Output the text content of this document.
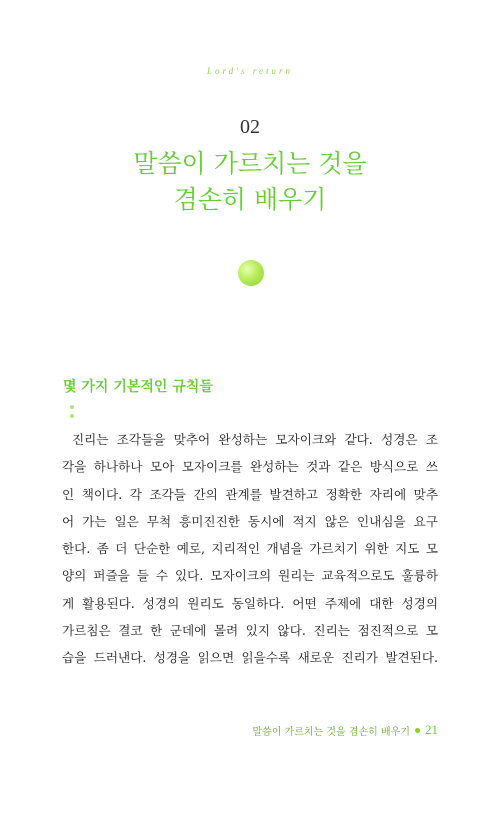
Lord's return
02
말씀이 가르치는 것을
겸손히 배우기
몇 가지 기본적인 규칙들
진리는 조각들을 맞추어 완성하는 모자이크와 같다. 성경은 조
각을 하나하나 모아 모자이크를 완성하는 것과 같은 방식으로 쓰
인 책이다. 각 조각들 간의 관계를 발견하고 정확한 자리에 맞추
어 가는 일은 무척 흥미진진한 동시에 적지 않은 인내심을 요구
한다. 좀 더 단순한 예로, 지리적인 개념을 가르치기 위한 지도 모
양의 퍼즐을 들 수 있다. 모자이크의 원리는 교육적으로도 훌륭하
게 활용된다. 성경의 원리도 동일하다. 어떤 주제에 대한 성경의
가르침은 결코 한 군데에 몰려 있지 않다. 진리는 점진적으로 모
습을 드러낸다. 성경을 읽으면 읽을수록 새로운 진리가 발견된다.
말씀이 가르치는 것을 겸손히 배우기 21
